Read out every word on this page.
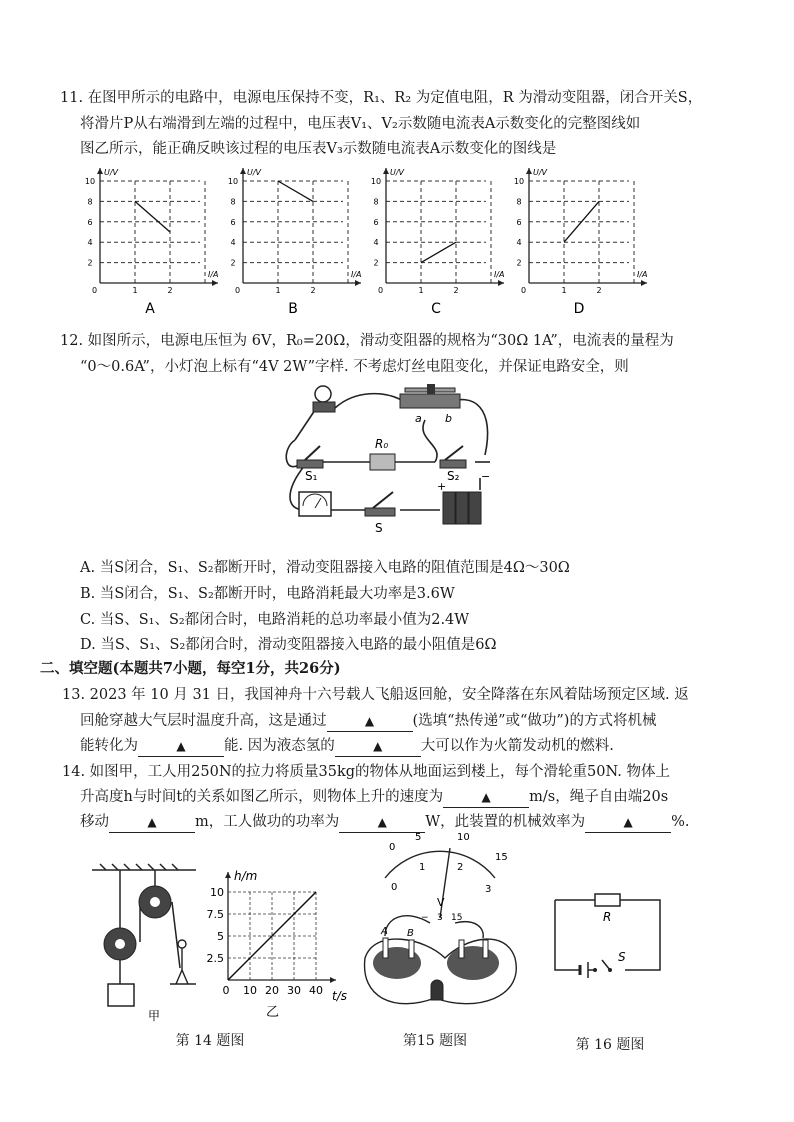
11. 在图甲所示的电路中，电源电压保持不变，R₁、R₂ 为定值电阻，R 为滑动变阻器，闭合开关S，
将滑片P从右端滑到左端的过程中，电压表V₁、V₂示数随电流表A示数变化的完整图线如
图乙所示，能正确反映该过程的电压表V₃示数随电流表A示数变化的图线是
2
4
6
8
10
1	2
0
U/V
I/A
A
2
4
6
8
10
1	2
0
U/V
I/A
B
2
4
6
8
10
1	2
0
U/V
I/A
C
2
4
6
8
10
1	2
0
U/V
I/A
D
12. 如图所示，电源电压恒为 6V，R₀=20Ω，滑动变阻器的规格为“30Ω 1A”，电流表的量程为
“0～0.6A”，小灯泡上标有“4V 2W”字样. 不考虑灯丝电阻变化，并保证电路安全，则
a b
R₀
S₁	S₂
S
+
−
A. 当S闭合，S₁、S₂都断开时，滑动变阻器接入电路的阻值范围是4Ω～30Ω
B. 当S闭合，S₁、S₂都断开时，电路消耗最大功率是3.6W
C. 当S、S₁、S₂都闭合时，电路消耗的总功率最小值为2.4W
D. 当S、S₁、S₂都闭合时，滑动变阻器接入电路的最小阻值是6Ω
二、填空题(本题共7小题，每空1分，共26分)
13. 2023 年 10 月 31 日，我国神舟十六号载人飞船返回舱，安全降落在东风着陆场预定区域. 返
回舱穿越大气层时温度升高，这是通过	▲	(选填“热传递”或“做功”)的方式将机械
能转化为	▲	能. 因为液态氢的	▲	大可以作为火箭发动机的燃料.
14. 如图甲，工人用250N的拉力将质量35kg的物体从地面运到楼上，每个滑轮重50N. 物体上
升高度h与时间t的关系如图乙所示，则物体上升的速度为	▲	m/s，绳子自由端20s
移动	▲	m，工人做功的功率为	▲	W，此装置的机械效率为	▲	%.
甲
2.5
5
7.5
10
0 10 20 30 40
h/m
t/s
乙
第 14 题图
0
5	10
15
0
1	2
3
V
− 3 15
A B
第15 题图
R
S
第 16 题图
